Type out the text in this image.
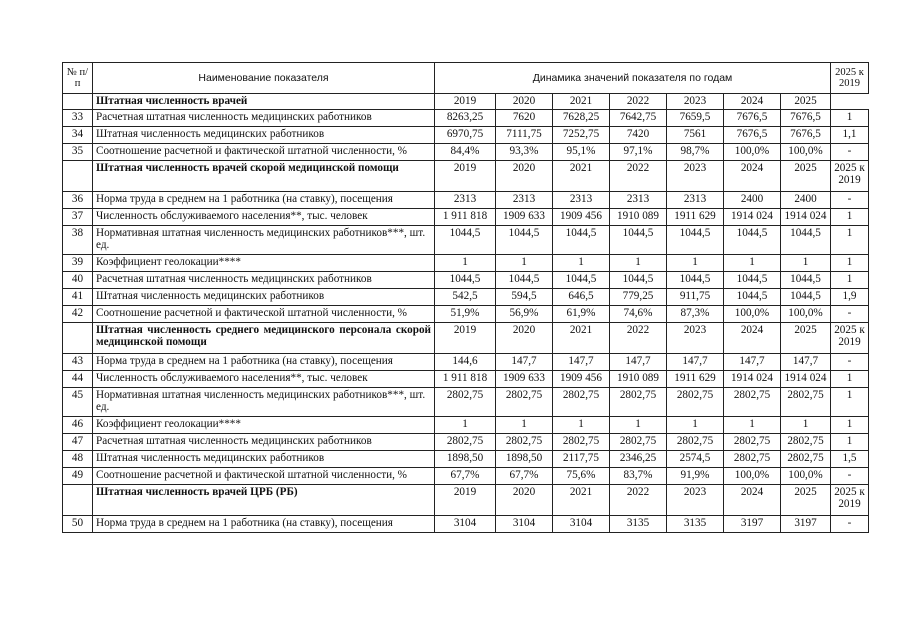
№ п/п	Наименование показателя	Динамика значений показателя по годам							2025 к 2019
	Штатная численность врачей	2019	2020	2021	2022	2023	2024	2025	
33	Расчетная штатная численность медицинских работников	8263,25	7620	7628,25	7642,75	7659,5	7676,5	7676,5	1
34	Штатная численность медицинских работников	6970,75	7111,75	7252,75	7420	7561	7676,5	7676,5	1,1
35	Соотношение расчетной и фактической штатной численности, %	84,4%	93,3%	95,1%	97,1%	98,7%	100,0%	100,0%	-
	Штатная численность врачей скорой медицинской помощи	2019	2020	2021	2022	2023	2024	2025	2025 к 2019
36	Норма труда в среднем на 1 работника (на ставку), посещения	2313	2313	2313	2313	2313	2400	2400	-
37	Численность обслуживаемого населения**, тыс. человек	1 911 818	1909 633	1909 456	1910 089	1911 629	1914 024	1914 024	1
38	Нормативная штатная численность медицинских работников***, шт. ед.	1044,5	1044,5	1044,5	1044,5	1044,5	1044,5	1044,5	1
39	Коэффициент геолокации****	1	1	1	1	1	1	1	1
40	Расчетная штатная численность медицинских работников	1044,5	1044,5	1044,5	1044,5	1044,5	1044,5	1044,5	1
41	Штатная численность медицинских работников	542,5	594,5	646,5	779,25	911,75	1044,5	1044,5	1,9
42	Соотношение расчетной и фактической штатной численности, %	51,9%	56,9%	61,9%	74,6%	87,3%	100,0%	100,0%	-
	Штатная численность среднего медицинского персонала скорой медицинской помощи	2019	2020	2021	2022	2023	2024	2025	2025 к 2019
43	Норма труда в среднем на 1 работника (на ставку), посещения	144,6	147,7	147,7	147,7	147,7	147,7	147,7	-
44	Численность обслуживаемого населения**, тыс. человек	1 911 818	1909 633	1909 456	1910 089	1911 629	1914 024	1914 024	1
45	Нормативная штатная численность медицинских работников***, шт. ед.	2802,75	2802,75	2802,75	2802,75	2802,75	2802,75	2802,75	1
46	Коэффициент геолокации****	1	1	1	1	1	1	1	1
47	Расчетная штатная численность медицинских работников	2802,75	2802,75	2802,75	2802,75	2802,75	2802,75	2802,75	1
48	Штатная численность медицинских работников	1898,50	1898,50	2117,75	2346,25	2574,5	2802,75	2802,75	1,5
49	Соотношение расчетной и фактической штатной численности, %	67,7%	67,7%	75,6%	83,7%	91,9%	100,0%	100,0%	-
	Штатная численность врачей ЦРБ (РБ)	2019	2020	2021	2022	2023	2024	2025	2025 к 2019
50	Норма труда в среднем на 1 работника (на ставку), посещения	3104	3104	3104	3135	3135	3197	3197	-
